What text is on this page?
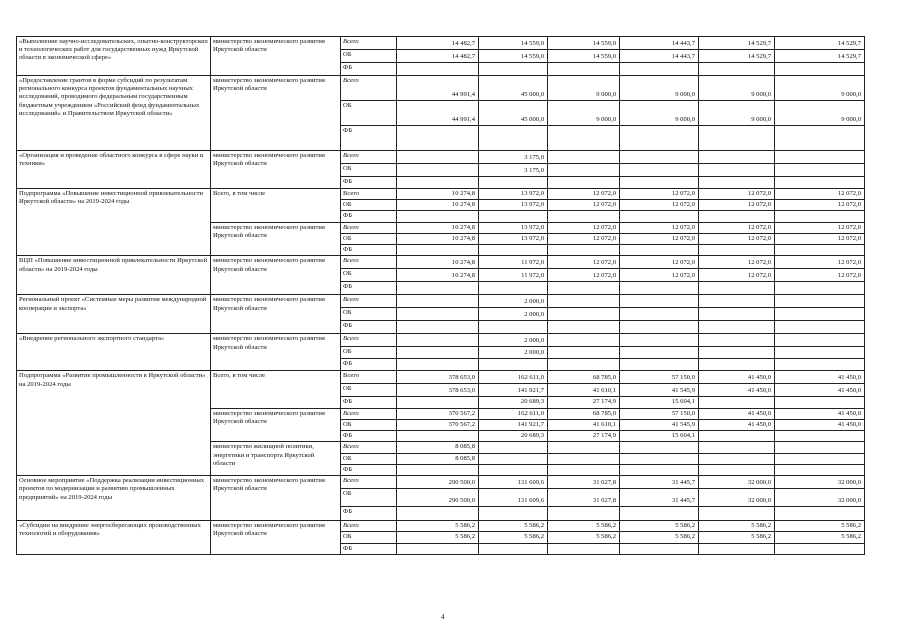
«Выполнение научно-исследовательских, опытно-конструкторских и технологических работ для государственных нужд Иркутской области в экономической сфере»	министерство экономического развития Иркутской области	Всего	14 482,7	14 559,0	14 559,0	14 443,7	14 529,7	14 529,7
		ОБ	14 482,7	14 559,0	14 559,0	14 443,7	14 529,7	14 529,7
		ФБ						
«Предоставление грантов в форме субсидий по результатам регионального конкурса проектов фундаментальных научных исследований, проводимого федеральным государственным бюджетным учреждением «Российский фонд фундаментальных исследований» и Правительством Иркутской области»	министерство экономического развития Иркутской области	Всего	44 991,4	45 000,0	9 000,0	9 000,0	9 000,0	9 000,0
		ОБ	44 991,4	45 000,0	9 000,0	9 000,0	9 000,0	9 000,0
		ФБ						
«Организация и проведение областного конкурса в сфере науки и техники»	министерство экономического развития Иркутской области	Всего		3 175,0				
		ОБ		3 175,0				
		ФБ						
Подпрограмма «Повышение инвестиционной привлекательности Иркутской области» на 2019-2024 годы	Всего, в том числе	Всего	10 274,8	13 972,0	12 072,0	12 072,0	12 072,0	12 072,0
		ОБ	10 274,8	13 972,0	12 072,0	12 072,0	12 072,0	12 072,0
		ФБ						
	министерство экономического развития Иркутской области	Всего	10 274,8	13 972,0	12 072,0	12 072,0	12 072,0	12 072,0
		ОБ	10 274,8	13 972,0	12 072,0	12 072,0	12 072,0	12 072,0
		ФБ						
ВЦП «Повышение инвестиционной привлекательности Иркутской области» на 2019-2024 годы	министерство экономического развития Иркутской области	Всего	10 274,8	11 972,0	12 072,0	12 072,0	12 072,0	12 072,0
		ОБ	10 274,8	11 972,0	12 072,0	12 072,0	12 072,0	12 072,0
		ФБ						
Региональный проект «Системные меры развития международной кооперации и экспорта»	министерство экономического развития Иркутской области	Всего		2 000,0				
		ОБ		2 000,0				
		ФБ						
«Внедрение регионального экспортного стандарта»	министерство экономического развития Иркутской области	Всего		2 000,0				
		ОБ		2 000,0				
		ФБ						
Подпрограмма «Развитие промышленности в Иркутской области» на 2019-2024 годы	Всего, в том числе	Всего	378 653,0	162 611,0	68 785,0	57 150,0	41 450,0	41 450,0
		ОБ	378 653,0	141 921,7	41 610,1	41 545,9	41 450,0	41 450,0
		ФБ		20 689,3	27 174,9	15 604,1		
	министерство экономического развития Иркутской области	Всего	370 567,2	162 611,0	68 785,0	57 150,0	41 450,0	41 450,0
		ОБ	370 567,2	141 921,7	41 610,1	41 545,9	41 450,0	41 450,0
		ФБ		20 689,3	27 174,9	15 604,1		
	министерство жилищной политики, энергетики и транспорта Иркутской области	Всего	8 085,8					
		ОБ	8 085,8					
		ФБ						
Основное мероприятие «Поддержка реализации инвестиционных проектов по модернизации и развитию промышленных предприятий» на 2019-2024 годы	министерство экономического развития Иркутской области	Всего	290 500,0	131 609,6	31 027,8	31 445,7	32 000,0	32 000,0
		ОБ	290 500,0	131 609,6	31 027,8	31 445,7	32 000,0	32 000,0
		ФБ						
«Субсидии на внедрение энергосберегающих производственных технологий и оборудования»	министерство экономического развития Иркутской области	Всего	5 586,2	5 586,2	5 586,2	5 586,2	5 586,2	5 586,2
		ОБ	5 586,2	5 586,2	5 586,2	5 586,2	5 586,2	5 586,2
		ФБ						
4
